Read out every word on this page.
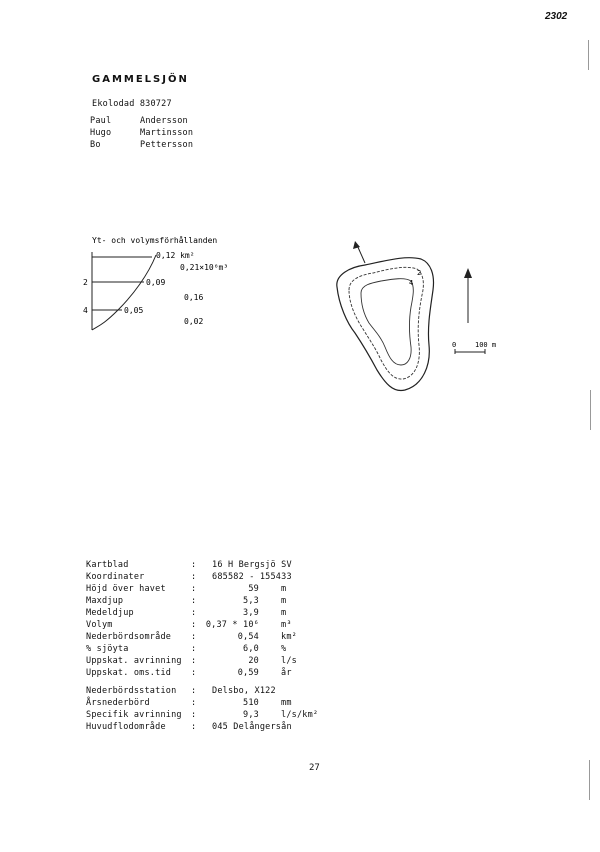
2302
GAMMELSJÖN
Ekolodad 830727
Paul	Andersson
Hugo	Martinsson
Bo	Pettersson
Yt- och volymsförhållanden
2
4
0,12 km²
0,09
0,05
0,21×10⁶m³
0,16
0,02
2
4
0	100 m
Kartblad	: 16 H Bergsjö SV
Koordinater	: 685582 - 155433
Höjd över havet	:	59	m
Maxdjup	:	5,3	m
Medeldjup	:	3,9	m
Volym	: 0,37 * 10⁶	m³
Nederbördsområde	:	0,54	km²
% sjöyta	:	6,0	%
Uppskat. avrinning	:	20	l/s
Uppskat. oms.tid	:	0,59	år
Nederbördsstation	: Delsbo, X122
Årsnederbörd	:	510	mm
Specifik avrinning	:	9,3	l/s/km²
Huvudflodområde	: 045 Delångersån
27
